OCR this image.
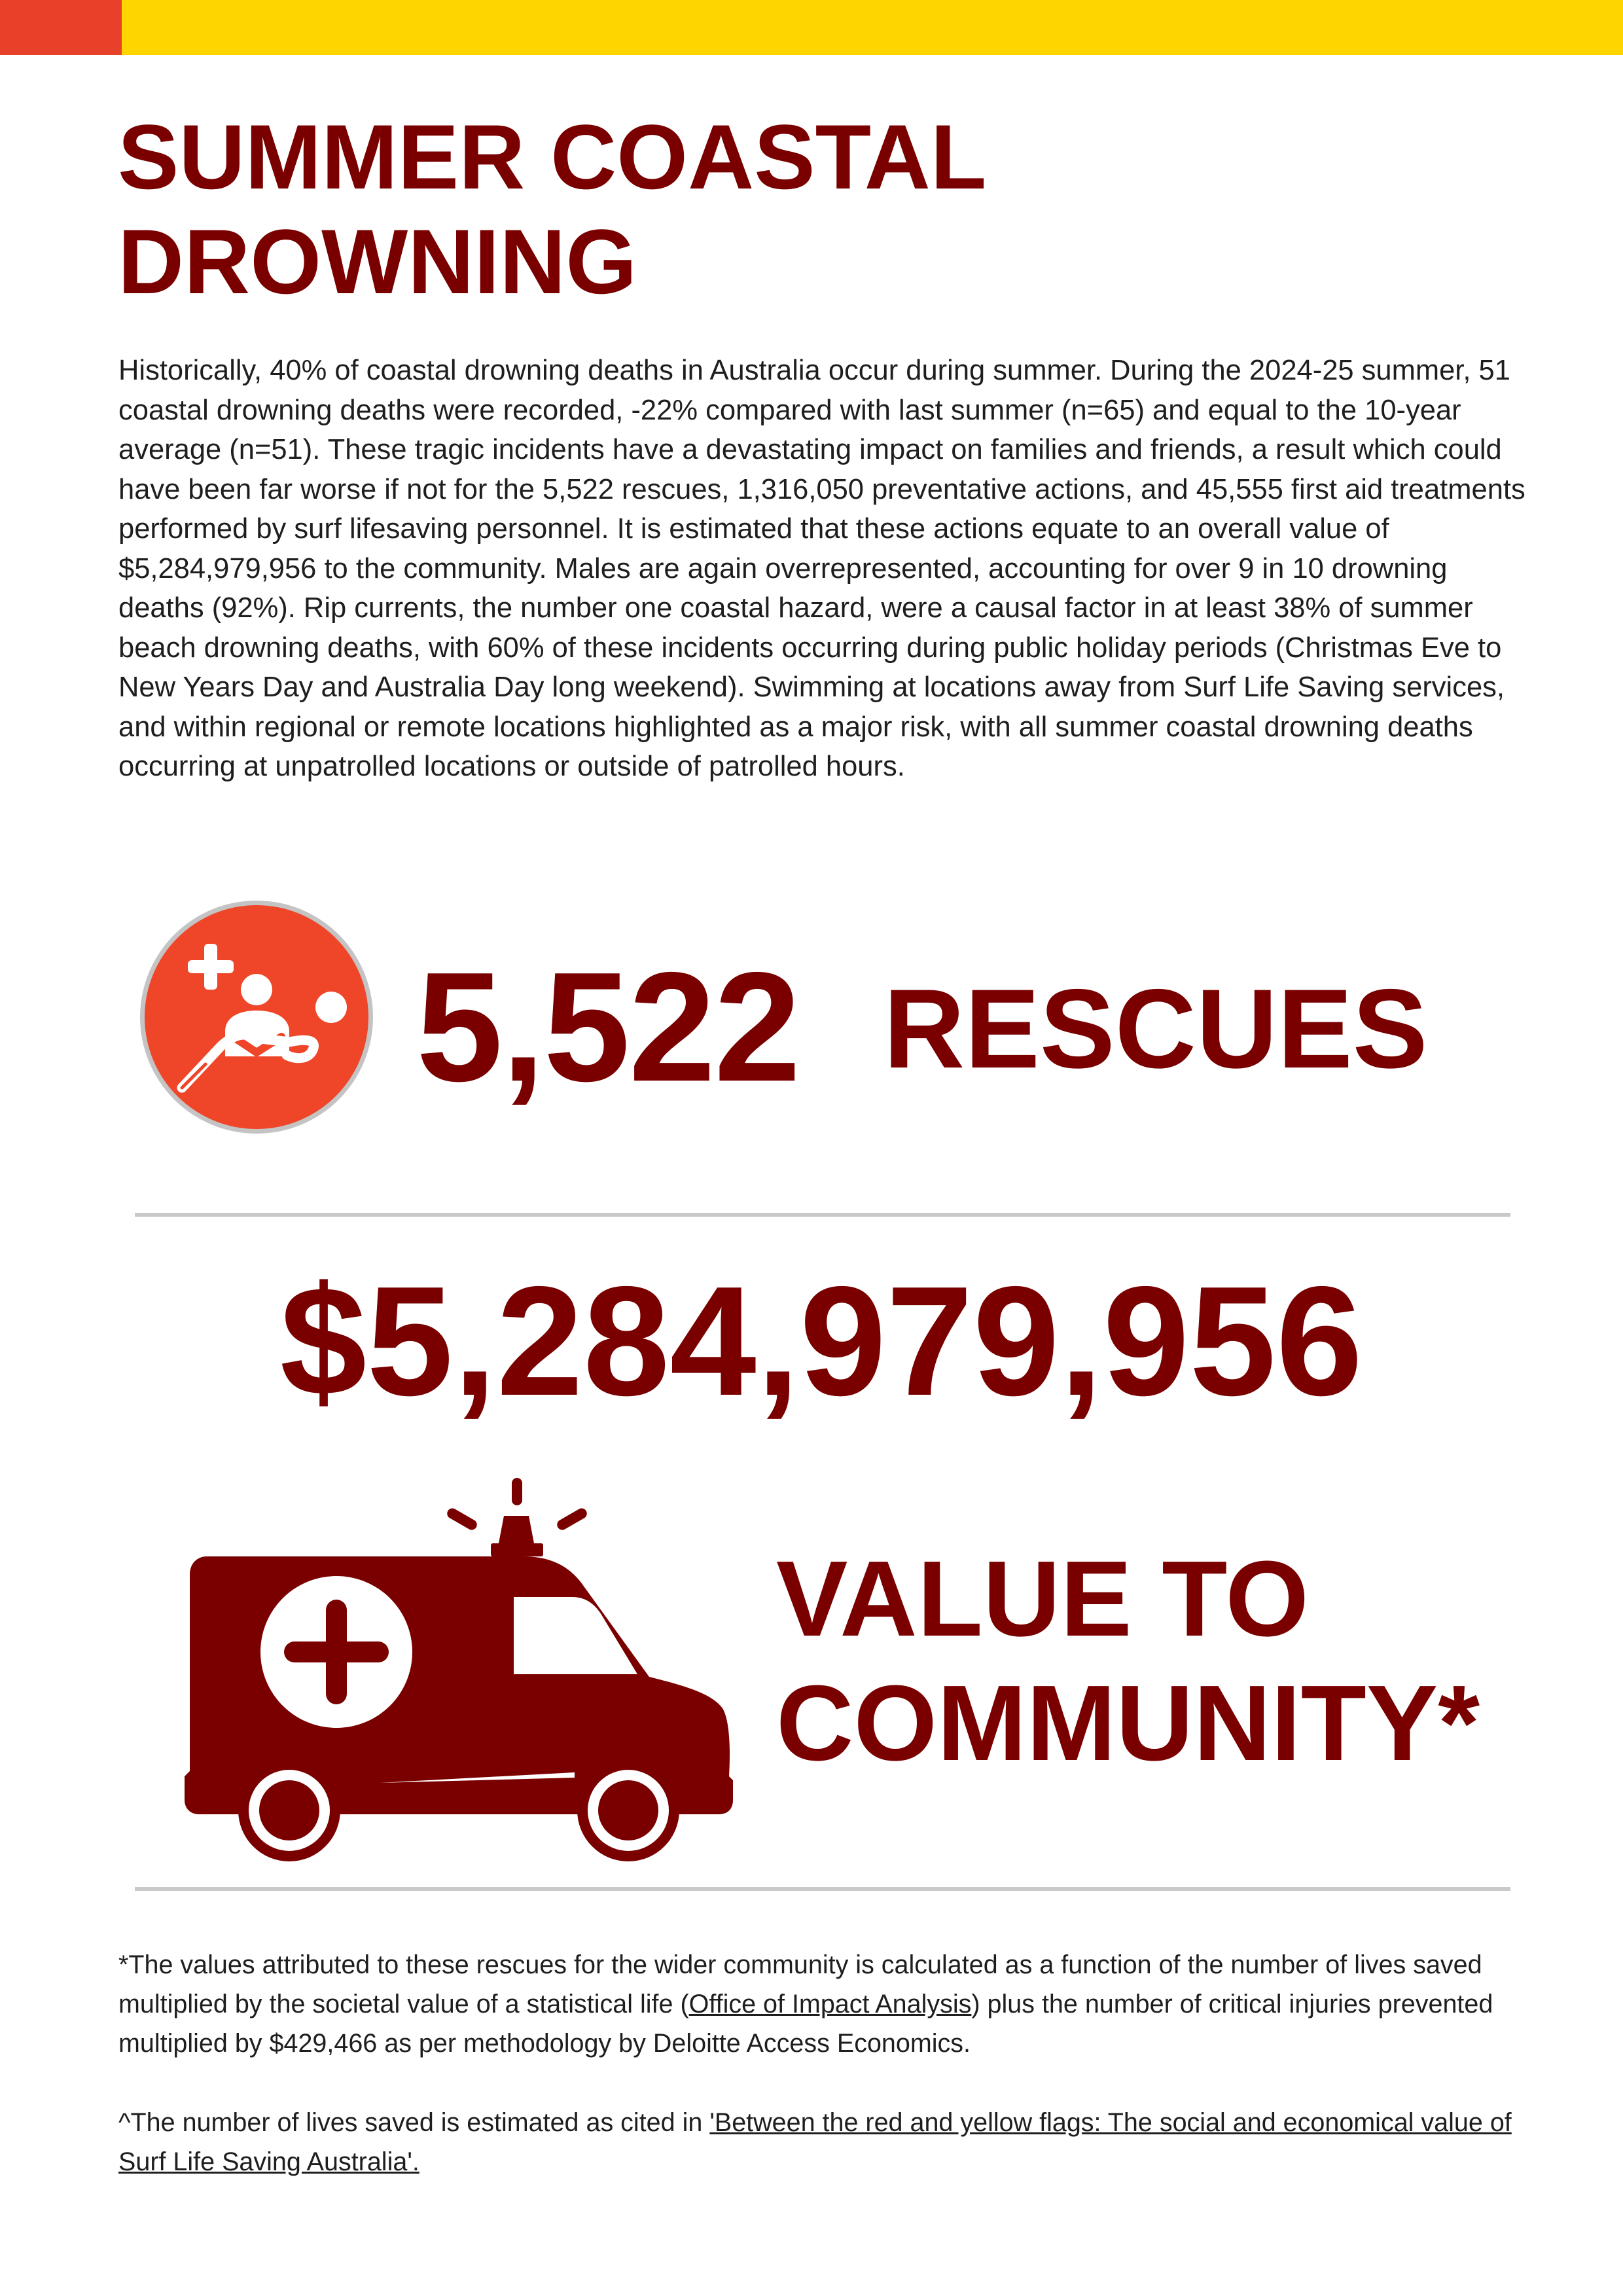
SUMMER COASTAL
DROWNING

Historically, 40% of coastal drowning deaths in Australia occur during summer. During the 2024-25 summer, 51 coastal drowning deaths were recorded, -22% compared with last summer (n=65) and equal to the 10-year average (n=51). These tragic incidents have a devastating impact on families and friends, a result which could have been far worse if not for the 5,522 rescues, 1,316,050 preventative actions, and 45,555 first aid treatments performed by surf lifesaving personnel. It is estimated that these actions equate to an overall value of $5,284,979,956 to the community. Males are again overrepresented, accounting for over 9 in 10 drowning deaths (92%). Rip currents, the number one coastal hazard, were a causal factor in at least 38% of summer beach drowning deaths, with 60% of these incidents occurring during public holiday periods (Christmas Eve to New Years Day and Australia Day long weekend). Swimming at locations away from Surf Life Saving services, and within regional or remote locations highlighted as a major risk, with all summer coastal drowning deaths occurring at unpatrolled locations or outside of patrolled hours.

5,522 RESCUES
$5,284,979,956
VALUE TO
COMMUNITY*

*The values attributed to these rescues for the wider community is calculated as a function of the number of lives saved multiplied by the societal value of a statistical life (Office of Impact Analysis) plus the number of critical injuries prevented multiplied by $429,466 as per methodology by Deloitte Access Economics.

^The number of lives saved is estimated as cited in 'Between the red and yellow flags: The social and economical value of Surf Life Saving Australia'.
